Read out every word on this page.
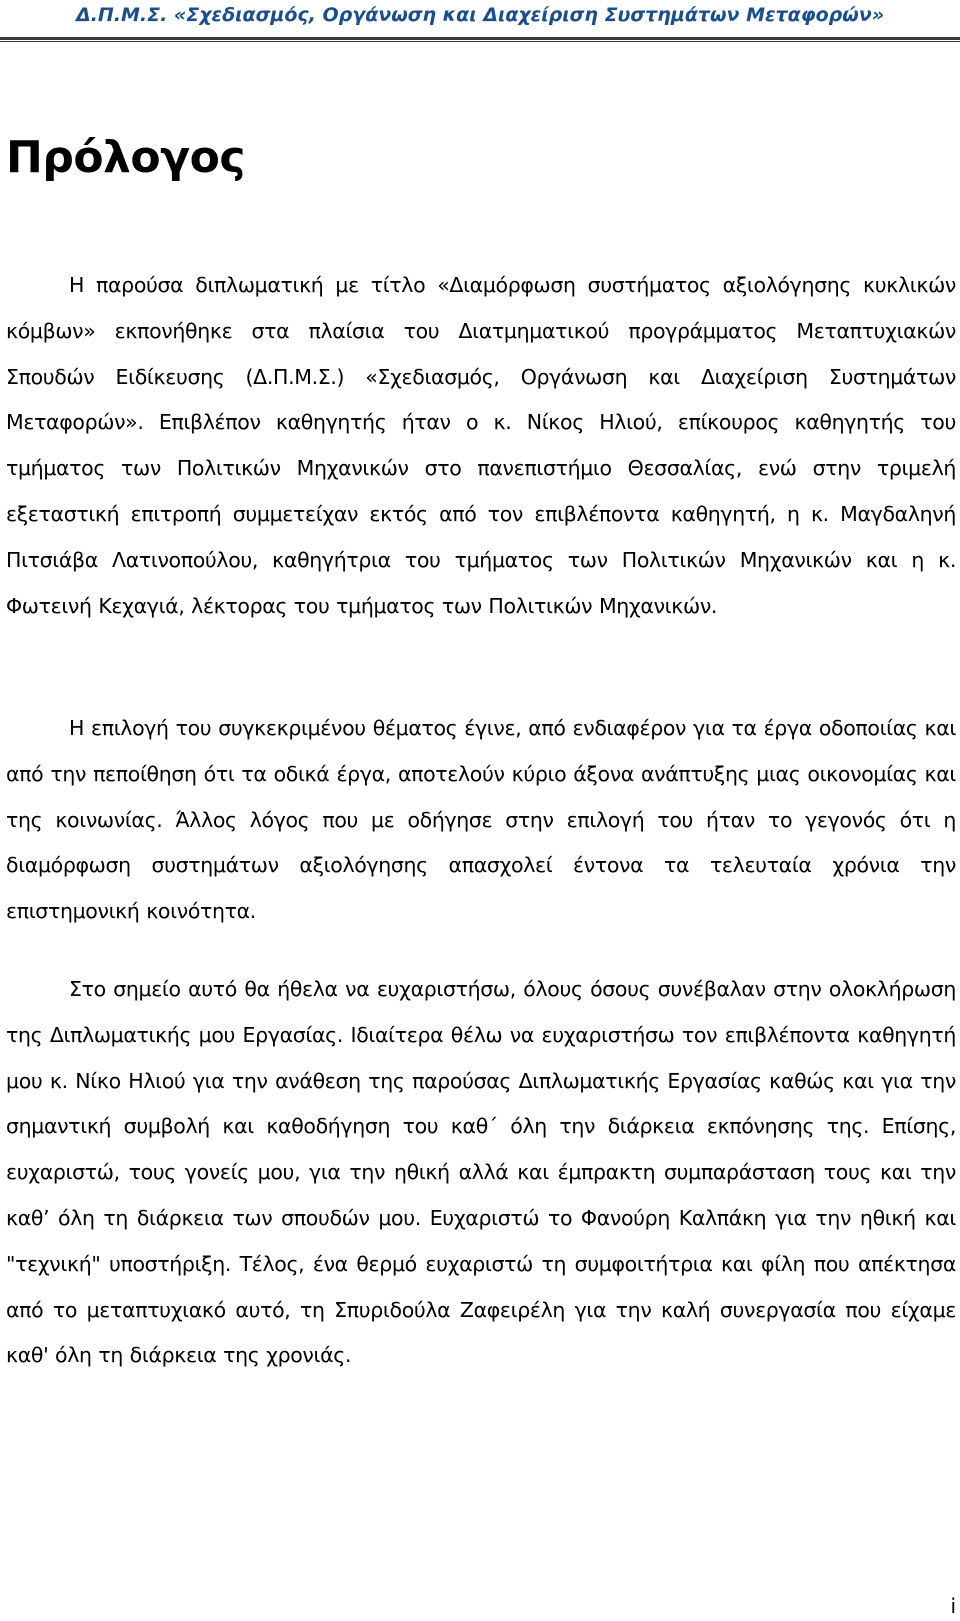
Δ.Π.Μ.Σ. «Σχεδιασμός, Οργάνωση και Διαχείριση Συστημάτων Μεταφορών»
Πρόλογος

Η παρούσα διπλωματική με τίτλο «Διαμόρφωση συστήματος αξιολόγησης κυκλικών κόμβων» εκπονήθηκε στα πλαίσια του Διατμηματικού προγράμματος Μεταπτυχιακών Σπουδών Ειδίκευσης (Δ.Π.Μ.Σ.) «Σχεδιασμός, Οργάνωση και Διαχείριση Συστημάτων Μεταφορών». Επιβλέπον καθηγητής ήταν ο κ. Νίκος Ηλιού, επίκουρος καθηγητής του τμήματος των Πολιτικών Μηχανικών στο πανεπιστήμιο Θεσσαλίας, ενώ στην τριμελή εξεταστική επιτροπή συμμετείχαν εκτός από τον επιβλέποντα καθηγητή, η κ. Μαγδαληνή Πιτσιάβα Λατινοπούλου, καθηγήτρια του τμήματος των Πολιτικών Μηχανικών και η κ. Φωτεινή Κεχαγιά, λέκτορας του τμήματος των Πολιτικών Μηχανικών.

Η επιλογή του συγκεκριμένου θέματος έγινε, από ενδιαφέρον για τα έργα οδοποιίας και από την πεποίθηση ότι τα οδικά έργα, αποτελούν κύριο άξονα ανάπτυξης μιας οικονομίας και της κοινωνίας. Άλλος λόγος που με οδήγησε στην επιλογή του ήταν το γεγονός ότι η διαμόρφωση συστημάτων αξιολόγησης απασχολεί έντονα τα τελευταία χρόνια την επιστημονική κοινότητα.

Στο σημείο αυτό θα ήθελα να ευχαριστήσω, όλους όσους συνέβαλαν στην ολοκλήρωση της Διπλωματικής μου Εργασίας. Ιδιαίτερα θέλω να ευχαριστήσω τον επιβλέποντα καθηγητή μου κ. Νίκο Ηλιού για την ανάθεση της παρούσας Διπλωματικής Εργασίας καθώς και για την σημαντική συμβολή και καθοδήγηση του καθ΄ όλη την διάρκεια εκπόνησης της. Επίσης, ευχαριστώ, τους γονείς μου, για την ηθική αλλά και έμπρακτη συμπαράσταση τους και την καθ’ όλη τη διάρκεια των σπουδών μου. Ευχαριστώ το Φανούρη Καλπάκη για την ηθική και "τεχνική" υποστήριξη. Τέλος, ένα θερμό ευχαριστώ τη συμφοιτήτρια και φίλη που απέκτησα από το μεταπτυχιακό αυτό, τη Σπυριδούλα Ζαφειρέλη για την καλή συνεργασία που είχαμε καθ' όλη τη διάρκεια της χρονιάς.

i
